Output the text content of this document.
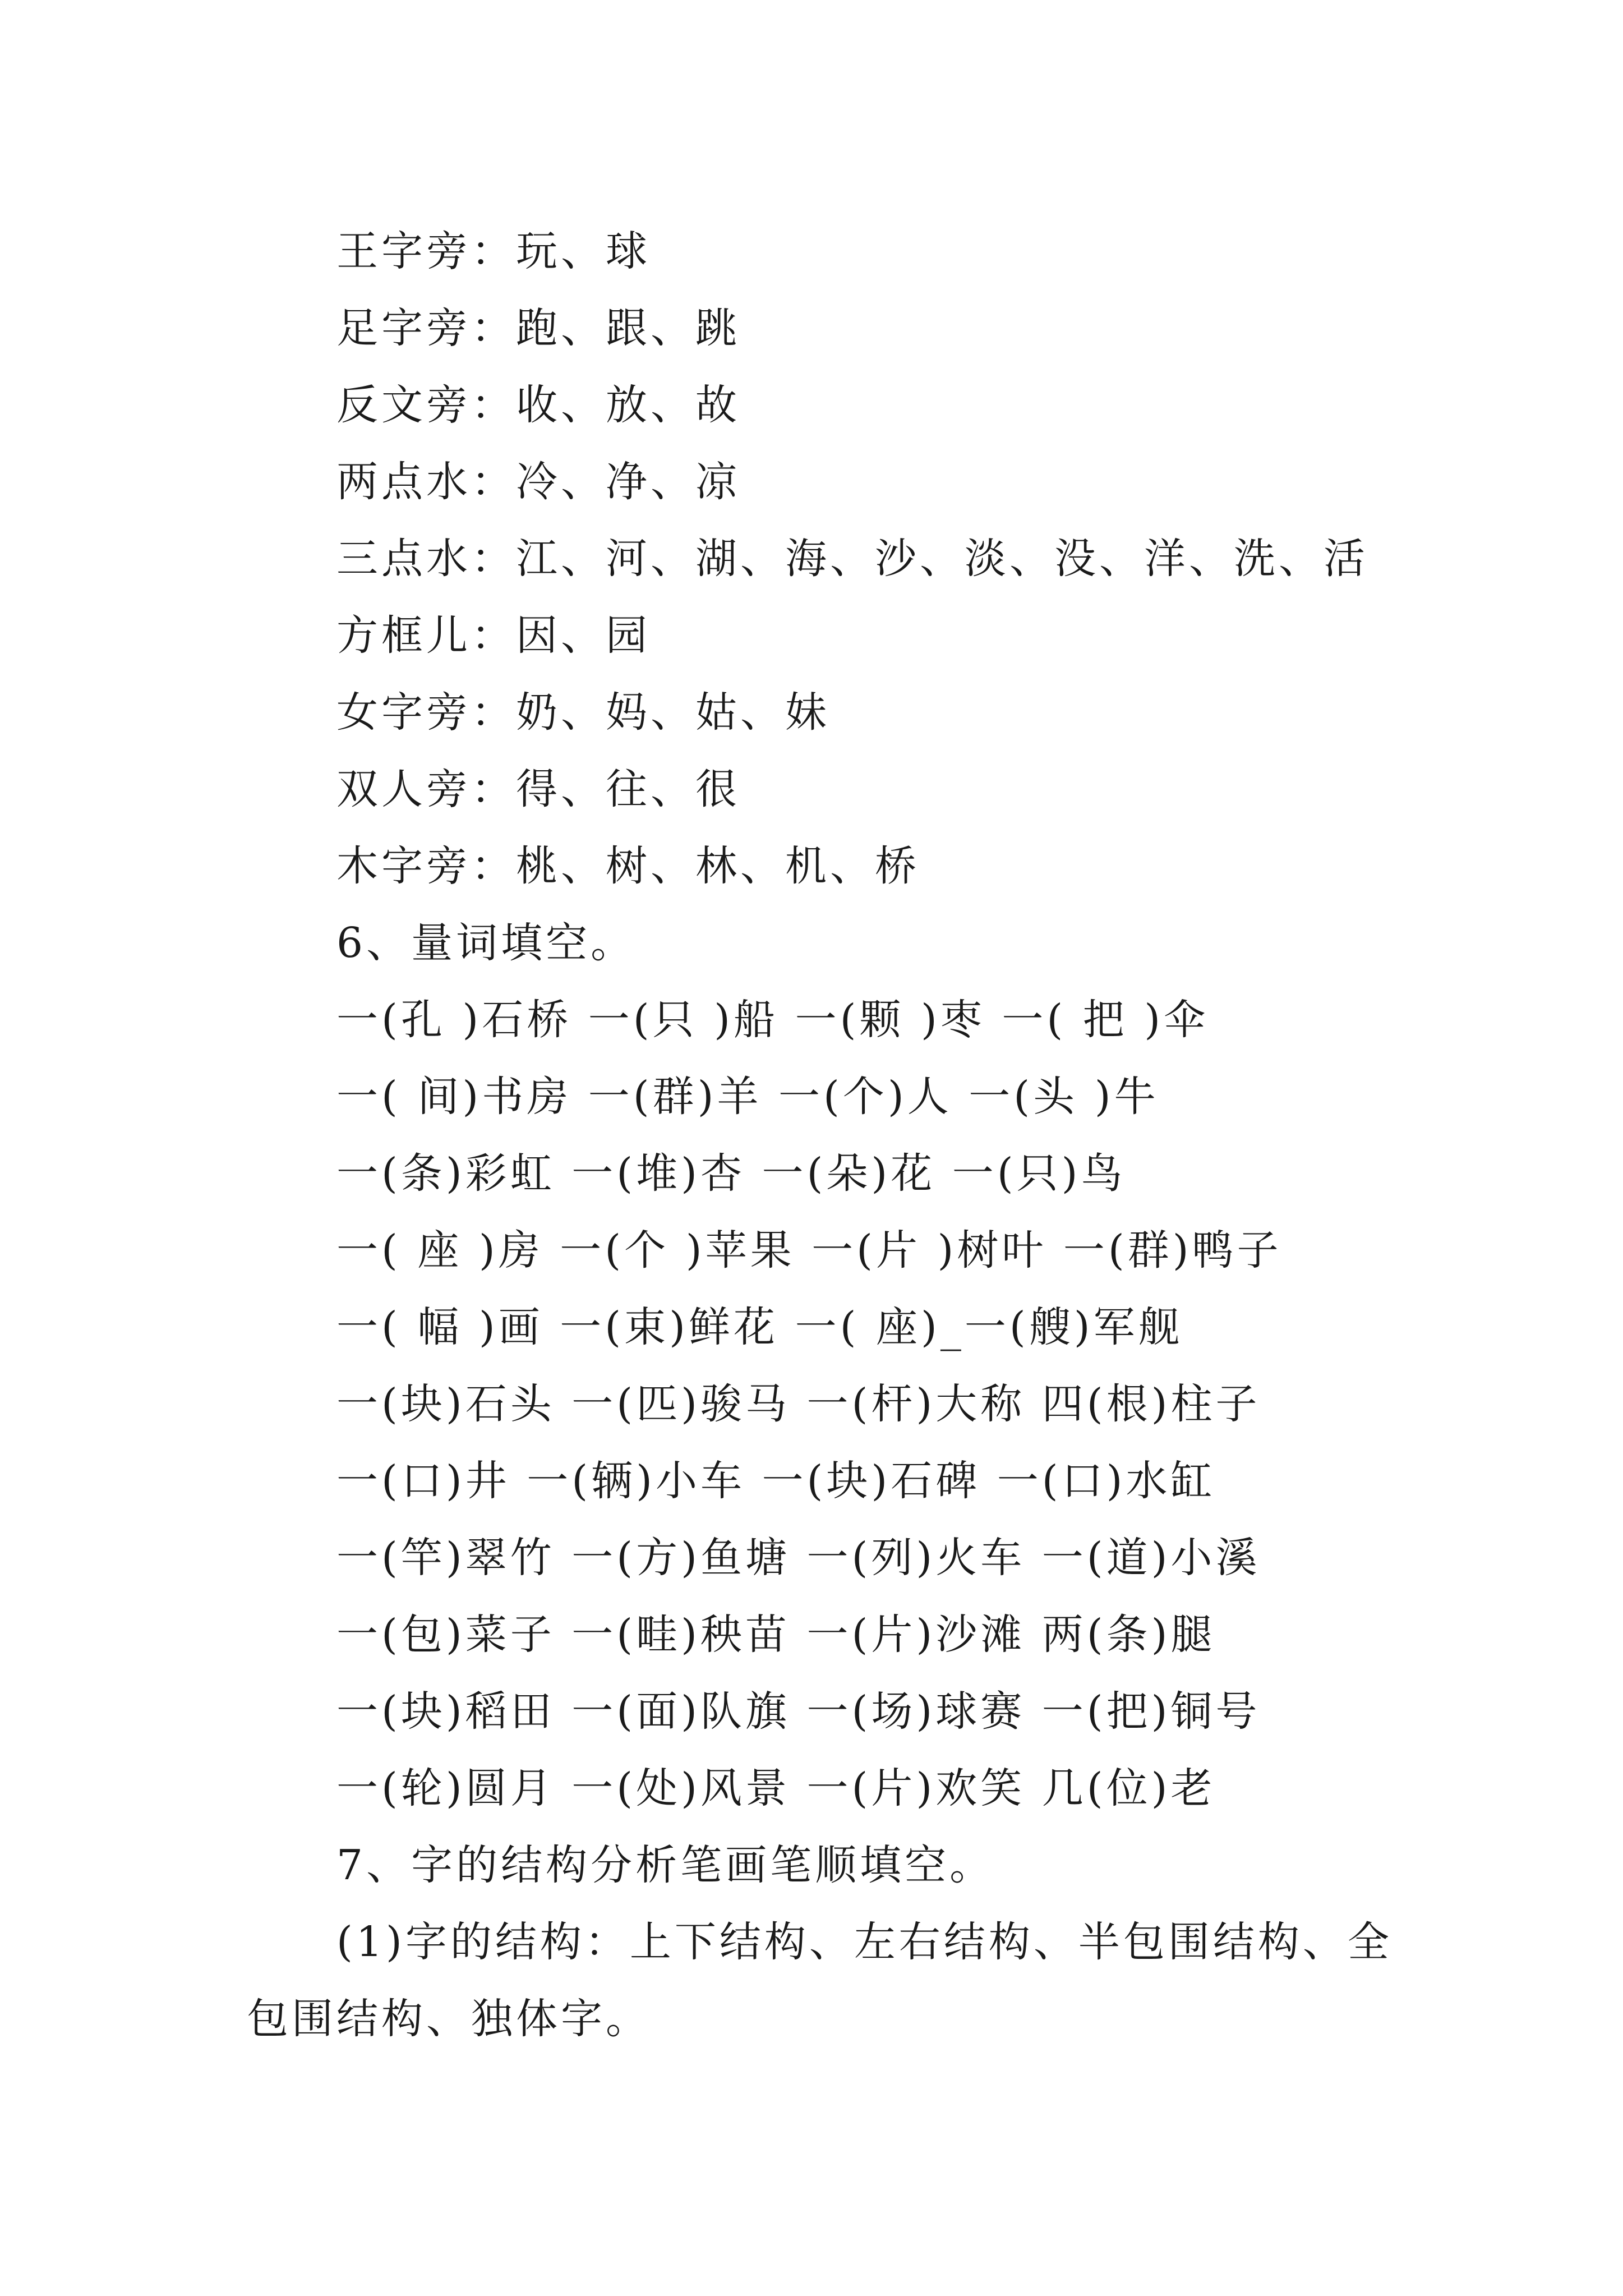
王字旁：玩、球
足字旁：跑、跟、跳
反文旁：收、放、故
两点水：冷、净、凉
三点水：江、河、湖、海、沙、淡、没、洋、洗、活
方框儿：因、园
女字旁：奶、妈、姑、妹
双人旁：得、往、很
木字旁：桃、树、林、机、桥
6、量词填空。
一(孔 )石桥 一(只 )船 一(颗 )枣 一( 把 )伞
一( 间)书房 一(群)羊 一(个)人 一(头 )牛
一(条)彩虹 一(堆)杏 一(朵)花 一(只)鸟
一( 座 )房 一(个 )苹果 一(片 )树叶 一(群)鸭子
一( 幅 )画 一(束)鲜花 一( 座)_一(艘)军舰
一(块)石头 一(匹)骏马 一(杆)大称 四(根)柱子
一(口)井 一(辆)小车 一(块)石碑 一(口)水缸
一(竿)翠竹 一(方)鱼塘 一(列)火车 一(道)小溪
一(包)菜子 一(畦)秧苗 一(片)沙滩 两(条)腿
一(块)稻田 一(面)队旗 一(场)球赛 一(把)铜号
一(轮)圆月 一(处)风景 一(片)欢笑 几(位)老
7、字的结构分析笔画笔顺填空。
(1)字的结构：上下结构、左右结构、半包围结构、全
包围结构、独体字。
